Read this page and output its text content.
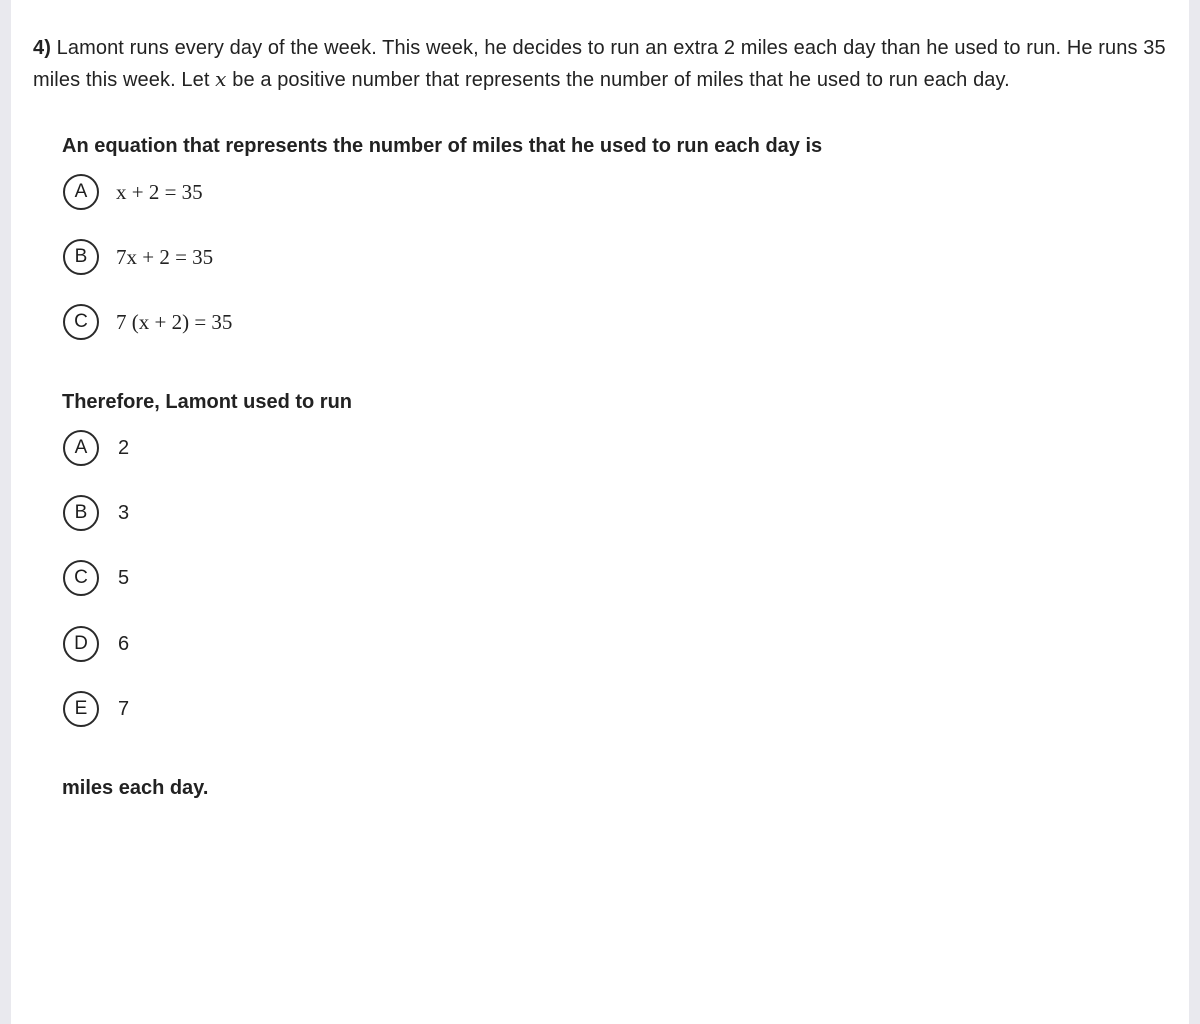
4) Lamont runs every day of the week. This week, he decides to run an extra 2 miles each day than he used to run. He runs 35 miles this week. Let x be a positive number that represents the number of miles that he used to run each day.
An equation that represents the number of miles that he used to run each day is
A	x + 2 = 35
B	7x + 2 = 35
C	7 (x + 2) = 35
Therefore, Lamont used to run
A	2
B	3
C	5
D	6
E	7
miles each day.
